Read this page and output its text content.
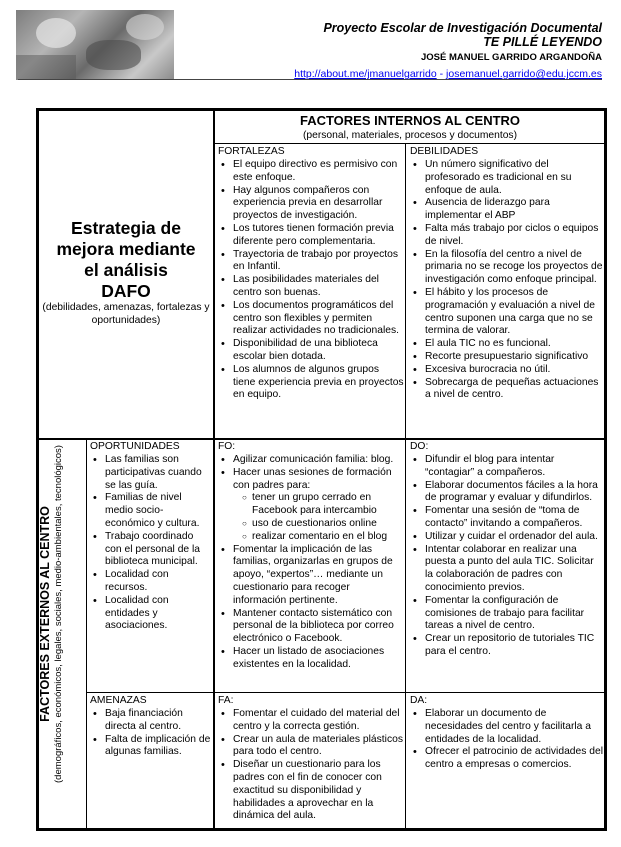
Proyecto Escolar de Investigación Documental
TE PILLÉ LEYENDO
JOSÉ MANUEL GARRIDO ARGANDOÑA
http://about.me/jmanuelgarrido - josemanuel.garrido@edu.jccm.es
Estrategia de
mejora mediante
el análisis
DAFO
(debilidades, amenazas, fortalezas y oportunidades)
FACTORES INTERNOS AL CENTRO
(personal, materiales, procesos y documentos)
FACTORES EXTERNOS AL CENTRO (demográficos, económicos, legales, sociales, medio-ambientales, tecnológicos)
FORTALEZAS
• El equipo directivo es permisivo con este enfoque.
• Hay algunos compañeros con experiencia previa en desarrollar proyectos de investigación.
• Los tutores tienen formación previa diferente pero complementaria.
• Trayectoria de trabajo por proyectos en Infantil.
• Las posibilidades materiales del centro son buenas.
• Los documentos programáticos del centro son flexibles y permiten realizar actividades no tradicionales.
• Disponibilidad de una biblioteca escolar bien dotada.
• Los alumnos de algunos grupos tiene experiencia previa en proyectos en equipo.
DEBILIDADES
• Un número significativo del profesorado es tradicional en su enfoque de aula.
• Ausencia de liderazgo para implementar el ABP
• Falta más trabajo por ciclos o equipos de nivel.
• En la filosofía del centro a nivel de primaria no se recoge los proyectos de investigación como enfoque principal.
• El hábito y los procesos de programación y evaluación a nivel de centro suponen una carga que no se termina de valorar.
• El aula TIC no es funcional.
• Recorte presupuestario significativo
• Excesiva burocracia no útil.
• Sobrecarga de pequeñas actuaciones a nivel de centro.
OPORTUNIDADES
• Las familias son participativas cuando se las guía.
• Familias de nivel medio socio-económico y cultura.
• Trabajo coordinado con el personal de la biblioteca municipal.
• Localidad con recursos.
• Localidad con entidades y asociaciones.
FO:
• Agilizar comunicación familia: blog.
• Hacer unas sesiones de formación con padres para:
○ tener un grupo cerrado en Facebook para intercambio
○ uso de cuestionarios online
○ realizar comentario en el blog
• Fomentar la implicación de las familias, organizarlas en grupos de apoyo, “expertos”… mediante un cuestionario para recoger información pertinente.
• Mantener contacto sistemático con personal de la biblioteca por correo electrónico o Facebook.
• Hacer un listado de asociaciones existentes en la localidad.
DO:
• Difundir el blog para intentar “contagiar” a compañeros.
• Elaborar documentos fáciles a la hora de programar y evaluar y difundirlos.
• Fomentar una sesión de “toma de contacto” invitando a compañeros.
• Utilizar y cuidar el ordenador del aula.
• Intentar colaborar en realizar una puesta a punto del aula TIC. Solicitar la colaboración de padres con conocimiento previos.
• Fomentar la configuración de comisiones de trabajo para facilitar tareas a nivel de centro.
• Crear un repositorio de tutoriales TIC para el centro.
AMENAZAS
• Baja financiación directa al centro.
• Falta de implicación de algunas familias.
FA:
• Fomentar el cuidado del material del centro y la correcta gestión.
• Crear un aula de materiales plásticos para todo el centro.
• Diseñar un cuestionario para los padres con el fin de conocer con exactitud su disponibilidad y habilidades a aprovechar en la dinámica del aula.
DA:
• Elaborar un documento de necesidades del centro y facilitarla a entidades de la localidad.
• Ofrecer el patrocinio de actividades del centro a empresas o comercios.
